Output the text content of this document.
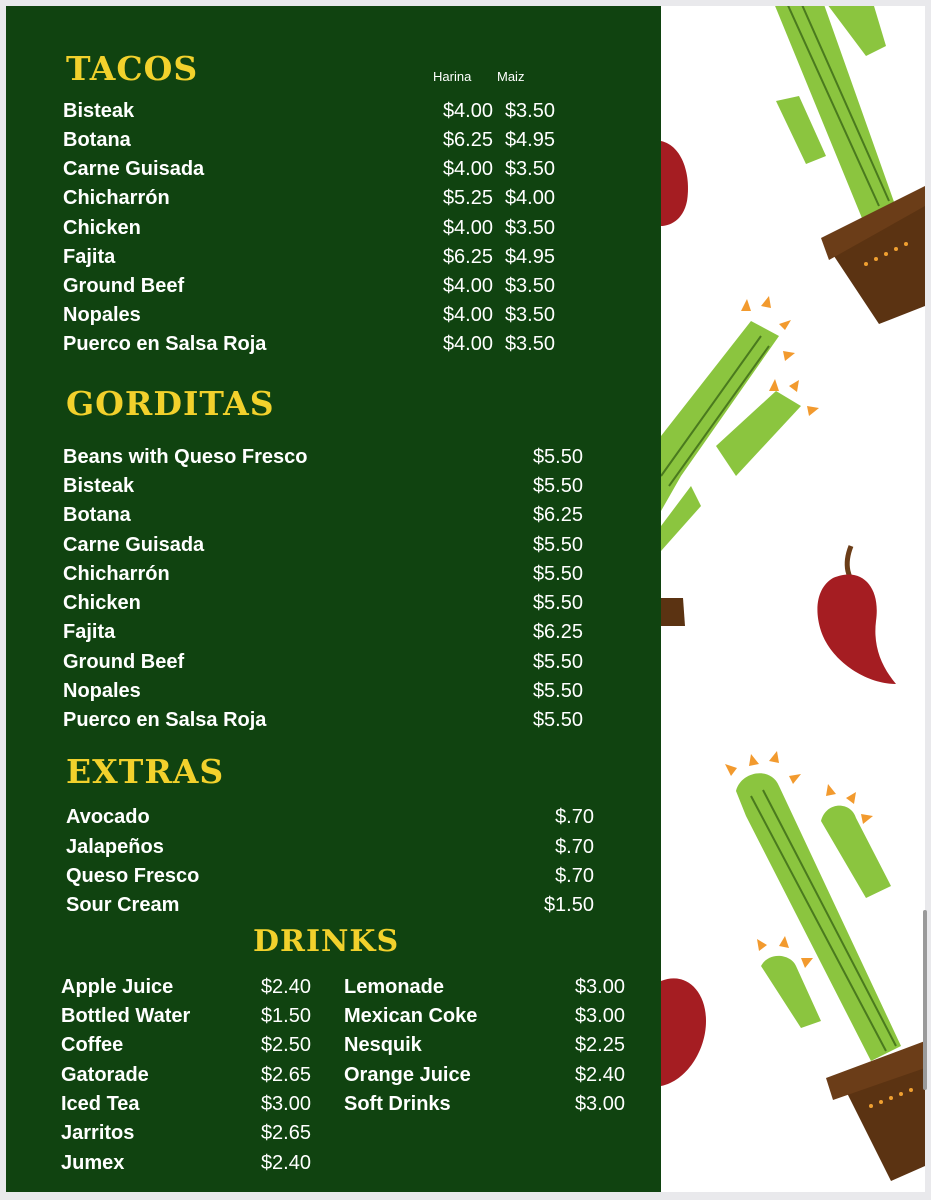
TACOS	Harina Maiz
Bisteak	$4.00 $3.50
Botana	$6.25 $4.95
Carne Guisada	$4.00 $3.50
Chicharrón	$5.25 $4.00
Chicken	$4.00 $3.50
Fajita	$6.25 $4.95
Ground Beef	$4.00 $3.50
Nopales	$4.00 $3.50
Puerco en Salsa Roja	$4.00 $3.50
GORDITAS
Beans with Queso Fresco	$5.50
Bisteak	$5.50
Botana	$6.25
Carne Guisada	$5.50
Chicharrón	$5.50
Chicken	$5.50
Fajita	$6.25
Ground Beef	$5.50
Nopales	$5.50
Puerco en Salsa Roja	$5.50
EXTRAS
Avocado	$.70
Jalapeños	$.70
Queso Fresco	$.70
Sour Cream	$1.50
DRINKS
Apple Juice	$2.40
Bottled Water	$1.50
Coffee	$2.50
Gatorade	$2.65
Iced Tea	$3.00
Jarritos	$2.65
Jumex	$2.40
Lemonade	$3.00
Mexican Coke	$3.00
Nesquik	$2.25
Orange Juice	$2.40
Soft Drinks	$3.00
